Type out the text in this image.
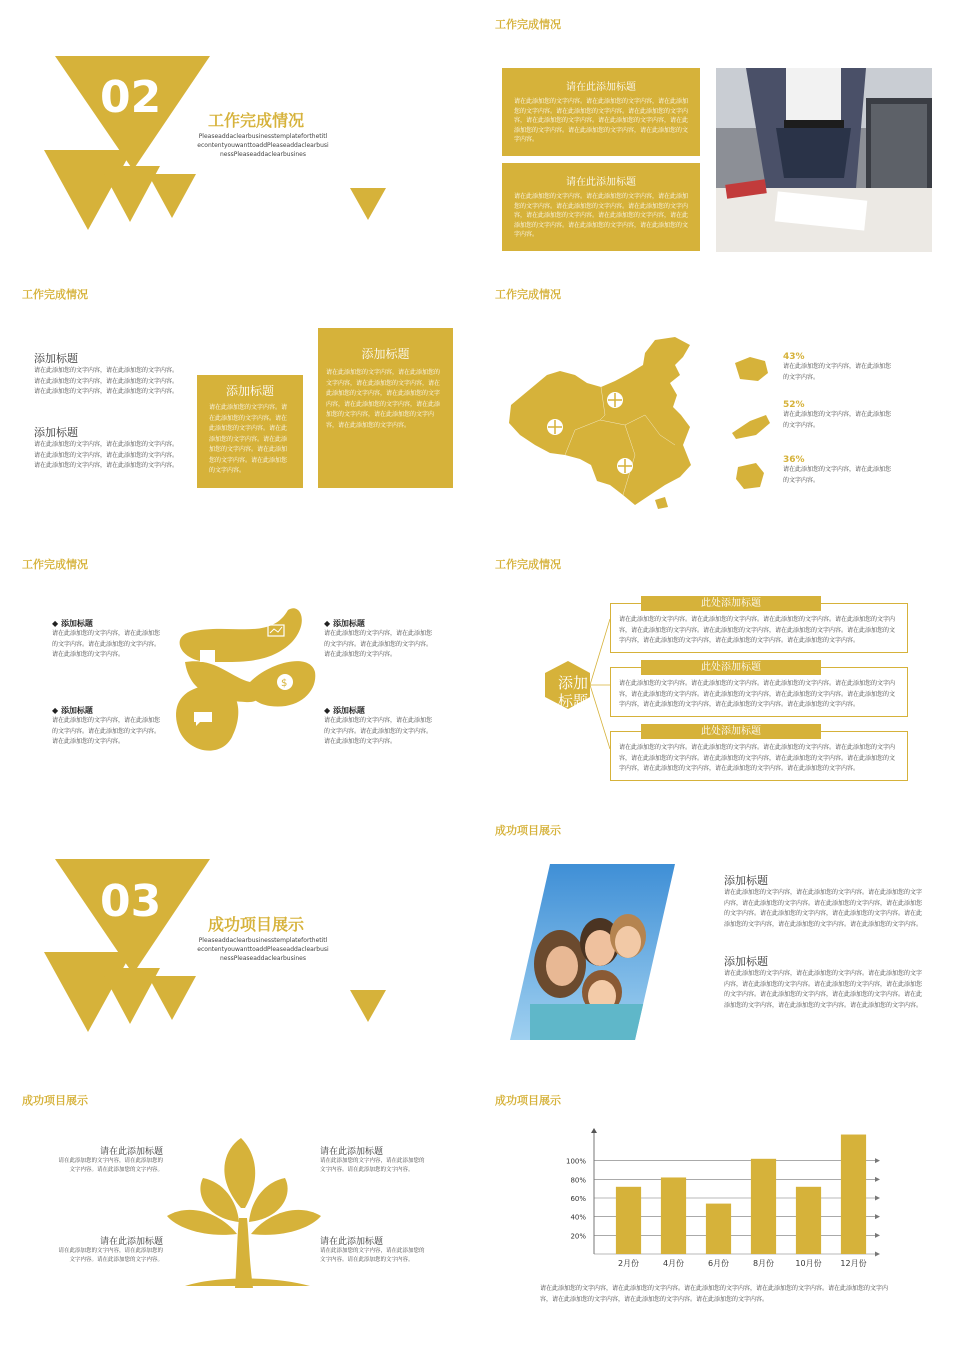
02	工作完成情况
PleaseaddaclearbusinesstemplateforthetitlecontentyouwanttoaddPleaseaddaclearbusinessPleaseaddaclearbusines
工作完成情况
请在此添加标题
请在此添加您的文字内容。请在此添加您的文字内容，请在此添加您的文字内容。请在此添加您的文字内容。请在此添加您的文字内容，请在此添加您的文字内容。请在此添加您的文字内容，请在此添加您的文字内容。请在此添加您的文字内容，请在此添加您的文字内容。
请在此添加标题
请在此添加您的文字内容。请在此添加您的文字内容，请在此添加您的文字内容。请在此添加您的文字内容。请在此添加您的文字内容，请在此添加您的文字内容。请在此添加您的文字内容，请在此添加您的文字内容。请在此添加您的文字内容，请在此添加您的文字内容。
工作完成情况
添加标题
请在此添加您的文字内容，请在此添加您的文字内容。请在此添加您的文字内容，请在此添加您的文字内容。请在此添加您的文字内容，请在此添加您的文字内容。
添加标题
请在此添加您的文字内容，请在此添加您的文字内容。请在此添加您的文字内容，请在此添加您的文字内容。请在此添加您的文字内容，请在此添加您的文字内容。
添加标题
请在此添加您的文字内容。请在此添加您的文字内容。请在此添加您的文字内容。请在此添加您的文字内容。请在此添加您的文字内容。请在此添加您的文字内容。请在此添加您的文字内容。
添加标题
请在此添加您的文字内容，请在此添加您的文字内容，请在此添加您的文字内容，请在此添加您的文字内容，请在此添加您的文字内容，请在此添加您的文字内容，请在此添加您的文字内容，请在此添加您的文字内容，请在此添加您的文字内容。
工作完成情况
43%
请在此添加您的文字内容，请在此添加您的文字内容。
52%
请在此添加您的文字内容，请在此添加您的文字内容。
36%
请在此添加您的文字内容，请在此添加您的文字内容。
工作完成情况
◆ 添加标题
请在此添加您的文字内容，请在此添加您的文字内容。请在此添加您的文字内容。请在此添加您的文字内容。
◆ 添加标题
请在此添加您的文字内容，请在此添加您的文字内容。请在此添加您的文字内容。请在此添加您的文字内容。
◆ 添加标题
请在此添加您的文字内容，请在此添加您的文字内容。请在此添加您的文字内容。请在此添加您的文字内容。
◆ 添加标题
请在此添加您的文字内容，请在此添加您的文字内容。请在此添加您的文字内容。请在此添加您的文字内容。
$
工作完成情况
添加
标题
此处添加标题
请在此添加您的文字内容。请在此添加您的文字内容。请在此添加您的文字内容。请在此添加您的文字内容，请在此添加您的文字内容。请在此添加您的文字内容，请在此添加您的文字内容。请在此添加您的文字内容，请在此添加您的文字内容，请在此添加您的文字内容。请在此添加您的文字内容。
此处添加标题
请在此添加您的文字内容。请在此添加您的文字内容。请在此添加您的文字内容。请在此添加您的文字内容，请在此添加您的文字内容。请在此添加您的文字内容，请在此添加您的文字内容。请在此添加您的文字内容，请在此添加您的文字内容，请在此添加您的文字内容。请在此添加您的文字内容。
此处添加标题
请在此添加您的文字内容。请在此添加您的文字内容。请在此添加您的文字内容。请在此添加您的文字内容，请在此添加您的文字内容。请在此添加您的文字内容，请在此添加您的文字内容。请在此添加您的文字内容，请在此添加您的文字内容，请在此添加您的文字内容。请在此添加您的文字内容。
03	成功项目展示
PleaseaddaclearbusinesstemplateforthetitlecontentyouwanttoaddPleaseaddaclearbusinessPleaseaddaclearbusines
成功项目展示
添加标题
请在此添加您的文字内容，请在此添加您的文字内容。请在此添加您的文字内容，请在此添加您的文字内容。请在此添加您的文字内容，请在此添加您的文字内容。请在此添加您的文字内容，请在此添加您的文字内容。请在此添加您的文字内容，请在此添加您的文字内容。请在此添加您的文字内容。
添加标题
请在此添加您的文字内容，请在此添加您的文字内容。请在此添加您的文字内容，请在此添加您的文字内容。请在此添加您的文字内容，请在此添加您的文字内容。请在此添加您的文字内容，请在此添加您的文字内容。请在此添加您的文字内容，请在此添加您的文字内容。请在此添加您的文字内容。
成功项目展示
请在此添加标题
请在此添加您的文字内容，请在此添加您的文字内容。请在此添加您的文字内容。
请在此添加标题
请在此添加您的文字内容，请在此添加您的文字内容。请在此添加您的文字内容。
请在此添加标题
请在此添加您的文字内容，请在此添加您的文字内容。请在此添加您的文字内容。
请在此添加标题
请在此添加您的文字内容，请在此添加您的文字内容。请在此添加您的文字内容。
成功项目展示
20%
40%
60%
80%
100%
2月份	4月份	6月份	8月份	10月份 12月份
请在此添加您的文字内容，请在此添加您的文字内容。请在此添加您的文字内容，请在此添加您的文字内容。请在此添加您的文字内容，请在此添加您的文字内容，请在此添加您的文字内容。请在此添加您的文字内容。
